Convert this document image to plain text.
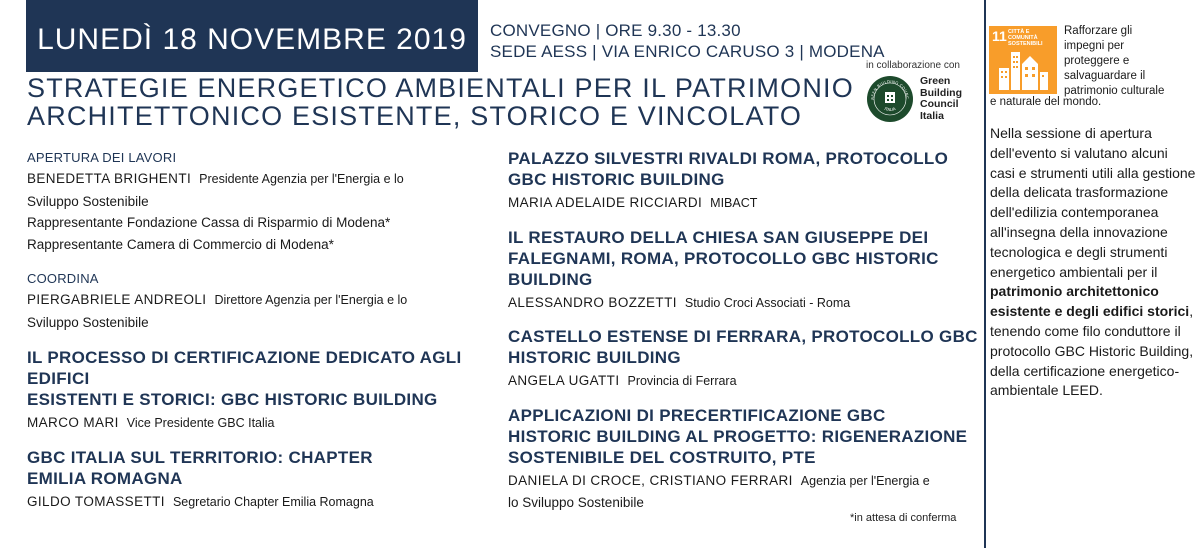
LUNEDÌ 18 NOVEMBRE 2019 CONVEGNO | ORE 9.30 - 13.30
SEDE AESS | VIA ENRICO CARUSO 3 | MODENA
in collaborazione con
REEN BUILDING COUNC
ITALIA
Green
Building
Council
Italia
STRATEGIE ENERGETICO AMBIENTALI PER IL PATRIMONIO
ARCHITETTONICO ESISTENTE, STORICO E VINCOLATO
APERTURA DEI LAVORI
BENEDETTA BRIGHENTI Presidente Agenzia per l'Energia e lo
Sviluppo Sostenibile
Rappresentante Fondazione Cassa di Risparmio di Modena*
Rappresentante Camera di Commercio di Modena*
COORDINA
PIERGABRIELE ANDREOLI Direttore Agenzia per l'Energia e lo
Sviluppo Sostenibile
IL PROCESSO DI CERTIFICAZIONE DEDICATO AGLI EDIFICI
ESISTENTI E STORICI: GBC HISTORIC BUILDING
MARCO MARI Vice Presidente GBC Italia
GBC ITALIA SUL TERRITORIO: CHAPTER
EMILIA ROMAGNA
GILDO TOMASSETTI Segretario Chapter Emilia Romagna
PALAZZO SILVESTRI RIVALDI ROMA, PROTOCOLLO
GBC HISTORIC BUILDING
MARIA ADELAIDE RICCIARDI MIBACT
IL RESTAURO DELLA CHIESA SAN GIUSEPPE DEI
FALEGNAMI, ROMA, PROTOCOLLO GBC HISTORIC
BUILDING
ALESSANDRO BOZZETTI Studio Croci Associati - Roma
CASTELLO ESTENSE DI FERRARA, PROTOCOLLO GBC
HISTORIC BUILDING
ANGELA UGATTI Provincia di Ferrara
APPLICAZIONI DI PRECERTIFICAZIONE GBC
HISTORIC BUILDING AL PROGETTO: RIGENERAZIONE
SOSTENIBILE DEL COSTRUITO, PTE
DANIELA DI CROCE, CRISTIANO FERRARI Agenzia per l'Energia e
lo Sviluppo Sostenibile
*in attesa di conferma
11 CITTÀ E COMUNITÀ SOSTENIBILI
Rafforzare gli
impegni per
proteggere e
salvaguardare il
patrimonio culturale
e naturale del mondo.
Nella sessione di apertura dell'evento si valutano alcuni casi e strumenti utili alla gestione della delicata trasformazione dell'edilizia contemporanea all'insegna della innovazione tecnologica e degli strumenti energetico ambientali per il patrimonio architettonico esistente e degli edifici storici, tenendo come filo conduttore il protocollo GBC Historic Building, della certificazione energetico-ambientale LEED.
